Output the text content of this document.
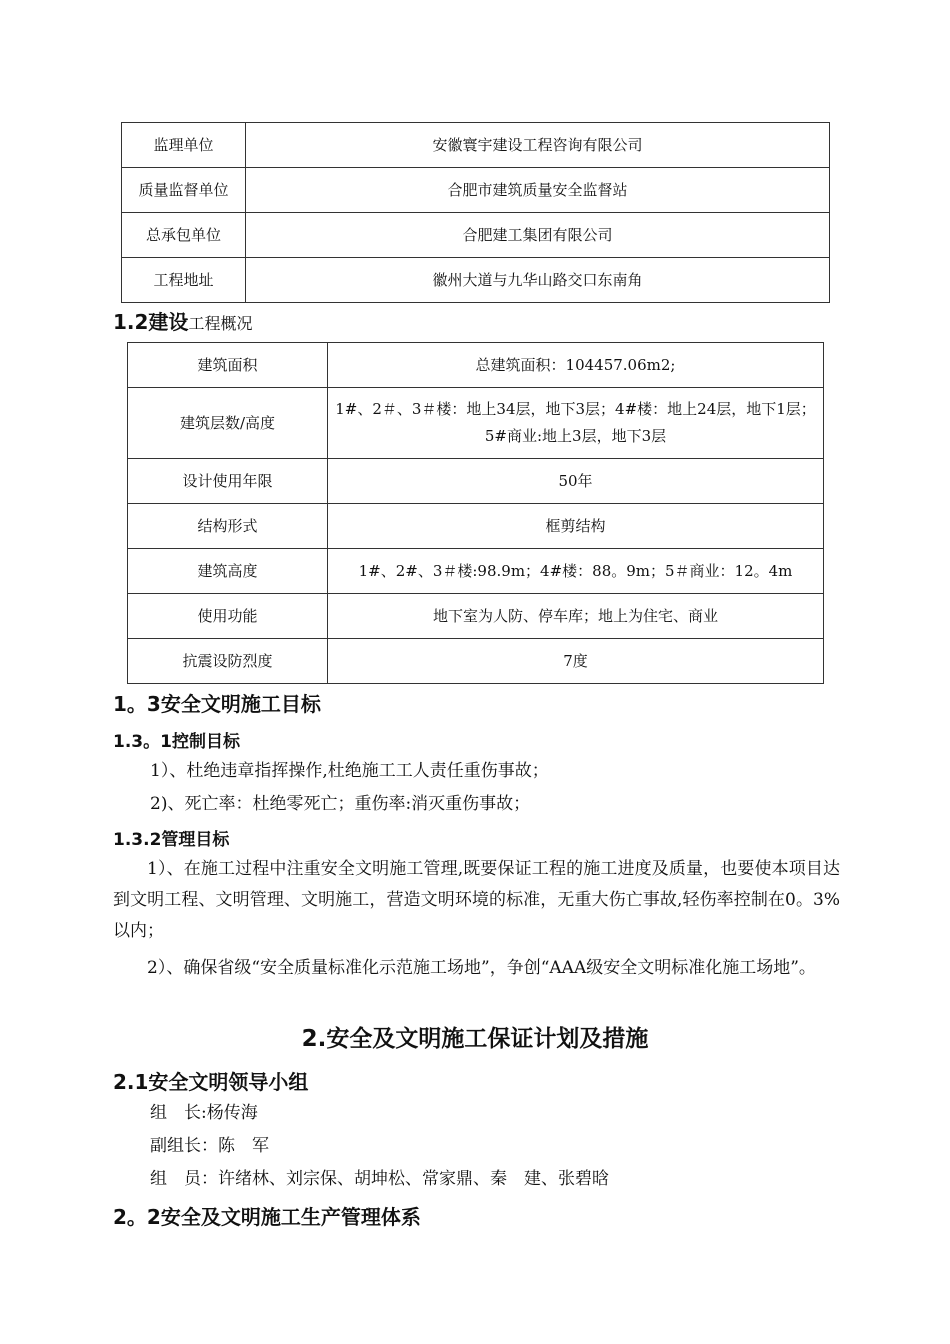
监理单位	安徽寰宇建设工程咨询有限公司
质量监督单位	合肥市建筑质量安全监督站
总承包单位	合肥建工集团有限公司
工程地址	徽州大道与九华山路交口东南角
1.2建设工程概况
建筑面积	总建筑面积：104457.06m2;
建筑层数/高度	1#、2＃、3＃楼：地上34层，地下3层；4#楼：地上24层，地下1层；5#商业:地上3层，地下3层
设计使用年限	50年
结构形式	框剪结构
建筑高度	1#、2#、3＃楼:98.9m；4#楼：88。9m；5＃商业：12。4m
使用功能	地下室为人防、停车库；地上为住宅、商业
抗震设防烈度	7度
1。3安全文明施工目标
1.3。1控制目标
1）、杜绝违章指挥操作,杜绝施工工人责任重伤事故；
2)、死亡率：杜绝零死亡；重伤率:消灭重伤事故；
1.3.2管理目标
1）、在施工过程中注重安全文明施工管理,既要保证工程的施工进度及质量，也要使本项目达到文明工程、文明管理、文明施工，营造文明环境的标准，无重大伤亡事故,轻伤率控制在0。3%以内；
2）、确保省级“安全质量标准化示范施工场地”，争创“AAA级安全文明标准化施工场地”。
2.安全及文明施工保证计划及措施
2.1安全文明领导小组
组　长:杨传海
副组长：陈　军
组　员：许绪林、刘宗保、胡坤松、常家鼎、秦　建、张碧晗
2。2安全及文明施工生产管理体系
